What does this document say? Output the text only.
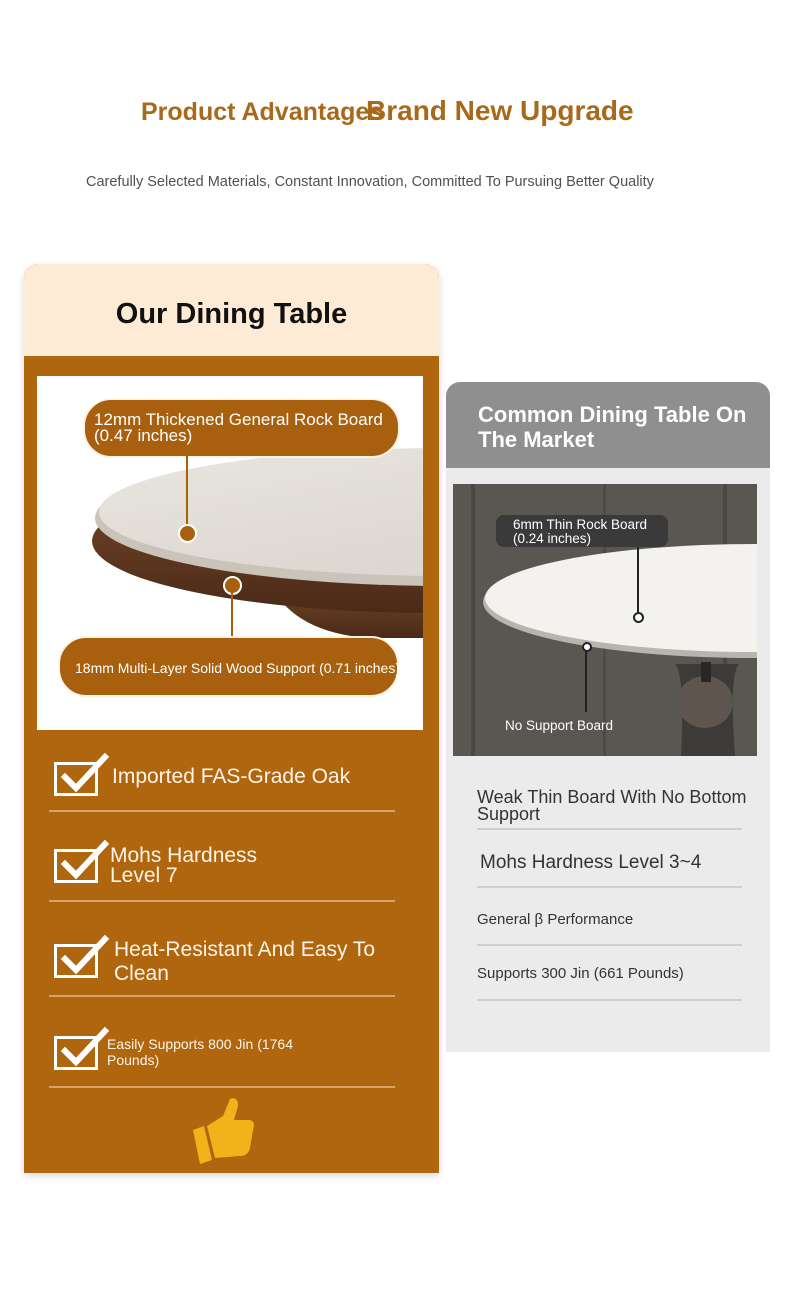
Product Advantages
Brand New Upgrade
Carefully Selected Materials, Constant Innovation, Committed To Pursuing Better Quality
Our Dining Table
12mm Thickened General Rock Board (0.47 inches)
18mm Multi-Layer Solid Wood Support (0.71 inches)
Imported FAS-Grade Oak
Mohs Hardness Level 7
Heat-Resistant And Easy To Clean
Easily Supports 800 Jin (1764 Pounds)
Common Dining Table On The Market
6mm Thin Rock Board (0.24 inches)
No Support Board
Weak Thin Board With No Bottom Support
Mohs Hardness Level 3~4
General β Performance
Supports 300 Jin (661 Pounds)
